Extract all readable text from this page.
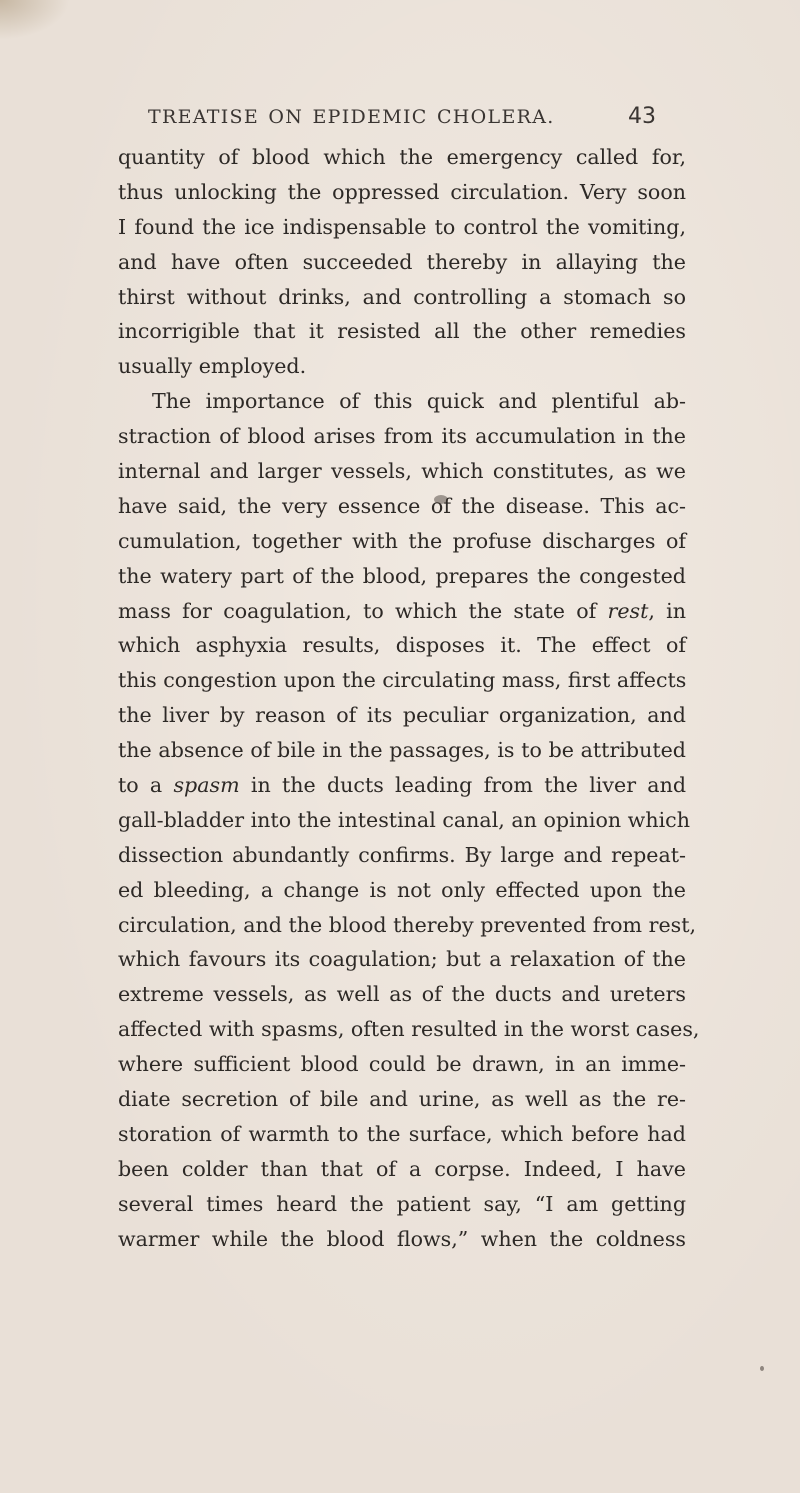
TREATISE ON EPIDEMIC CHOLERA.	43
quantity of blood which the emergency called for,
thus unlocking the oppressed circulation. Very soon
I found the ice indispensable to control the vomiting,
and have often succeeded thereby in allaying the
thirst without drinks, and controlling a stomach so
incorrigible that it resisted all the other remedies
usually employed.
The importance of this quick and plentiful ab-
straction of blood arises from its accumulation in the
internal and larger vessels, which constitutes, as we
have said, the very essence of the disease. This ac-
cumulation, together with the profuse discharges of
the watery part of the blood, prepares the congested
mass for coagulation, to which the state of rest, in
which asphyxia results, disposes it. The effect of
this congestion upon the circulating mass, first affects
the liver by reason of its peculiar organization, and
the absence of bile in the passages, is to be attributed
to a spasm in the ducts leading from the liver and
gall-bladder into the intestinal canal, an opinion which
dissection abundantly confirms. By large and repeat-
ed bleeding, a change is not only effected upon the
circulation, and the blood thereby prevented from rest,
which favours its coagulation; but a relaxation of the
extreme vessels, as well as of the ducts and ureters
affected with spasms, often resulted in the worst cases,
where sufficient blood could be drawn, in an imme-
diate secretion of bile and urine, as well as the re-
storation of warmth to the surface, which before had
been colder than that of a corpse. Indeed, I have
several times heard the patient say, “I am getting
warmer while the blood flows,” when the coldness
